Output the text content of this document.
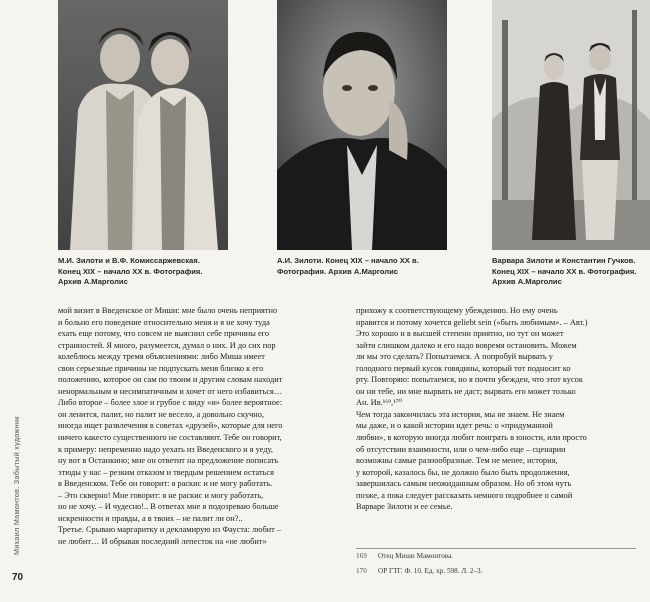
М.И. Зилоти и В.Ф. Комиссаржевская.
Конец XIX – начало XX в. Фотография.
Архив А.Марголис
А.И. Зилоти. Конец XIX – начало XX в.
Фотография. Архив А.Марголис
Варвара Зилоти и Константин Гучков.
Конец XIX – начало XX в. Фотография.
Архив А.Марголис

мой визит в Введенское от Миши: мне было очень неприятно

и больно его поведение относительно меня и я не хочу туда

ехать еще потому, что совсем не выяснил себе причины его

странностей. Я много, разумеется, думал о них. И до сих пор

колеблюсь между тремя объяснениями: либо Миша имеет

свои серьезные причины не подпускать меня близко к его

положению, которое он сам по твоим и другим словам находит

ненормальным и несимпатичным и хочет от него избавиться…

Либо второе – более злое и грубое с виду «и» более вероятное:

он ленится, палит, но палит не весело, а довольно скучно,

иногда ищет развлечения в советах «друзей», которые для него

ничего какесто существенного не составляют. Тебе он говорит,

к примеру: непременно надо уехать из Введенского и я уеду,

ну вот в Останкино; мне он ответит на предложение пописать

этюды у нас – резким отказом и твердым решением остаться

в Введенском. Тебе он говорит: я раскис и не могу работать.

– Это скверно! Мне говорит: я не раскис и могу работать,

но не хочу. – И чудесно!.. В ответах мне я подозреваю больше

искренности и правды, а в твоих – не палит ли он?..

Третье. Срываю маргаритку и декламирую из Фауста: любит –

не любит… И обрывая последний лепесток на «не любит»

прихожу к соответствующему убеждению. Но ему очень

нравится и потому хочется geliebt sein («быть любимым». – Авт.)

Это хорошо и в высшей степени приятно, но тут он может

зайти слишком далеко и его надо вовремя остановить. Можем

ли мы это сделать? Попытаемся. А попробуй вырвать у

голодного первый кусок говядины, который тот подносит ко

рту. Повторяю: попытаемся, но я почти убежден, что этот кусок

он ни тебе, ни мне вырвать не даст; вырвать его может только

Ан. Ив.¹⁶⁹,¹⁷⁰

Чем тогда закончилась эта история, мы не знаем. Не знаем

мы даже, и о какой истории идет речь: о «придуманной

любви», в которую иногда любит поиграть в юности, или просто

об отсутствии взаимности, или о чем-либо еще – сценарии

возможны самые разнообразные. Тем не менее, история,

у которой, казалось бы, не должно было быть продолжения,

завершилась самым неожиданным образом. Но об этом чуть

позже, а пока следует рассказать немного подробнее о самой

Варваре Зилоти и ее семье.

Михаил Мамонтов. Забытый художник
70
169 Отец Миши Мамонтова.
170 ОР ГТГ. Ф. 10. Ед. хр. 598. Л. 2–3.
